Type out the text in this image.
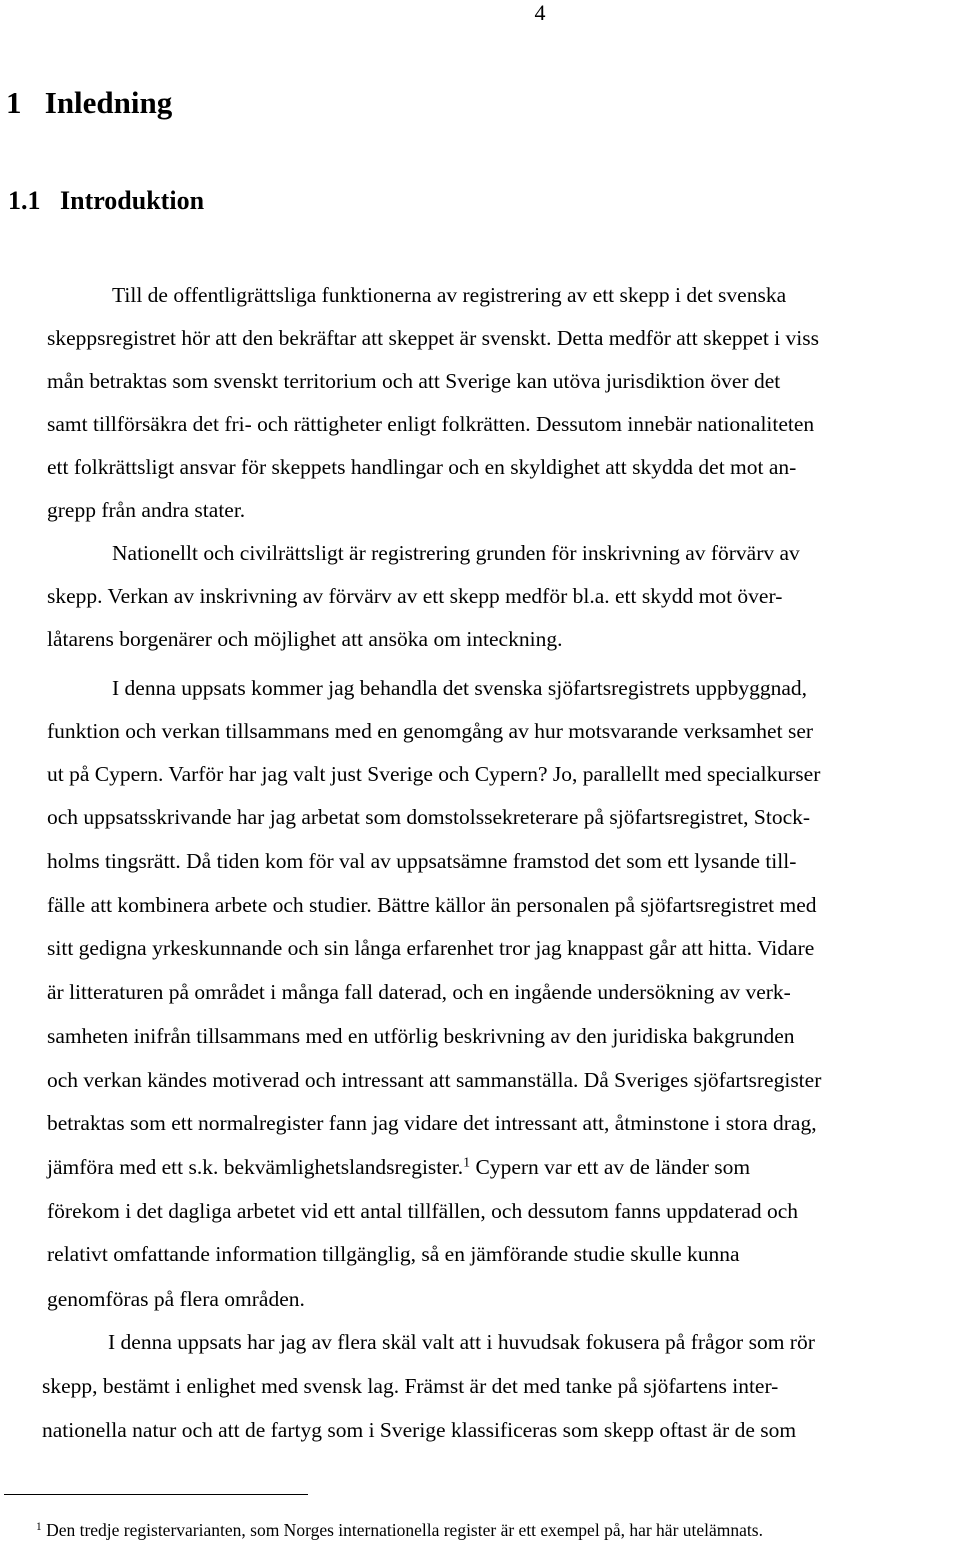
4
1   Inledning
1.1   Introduktion
Till de offentligrättsliga funktionerna av registrering av ett skepp i det svenska
skeppsregistret hör att den bekräftar att skeppet är svenskt. Detta medför att skeppet i viss
mån betraktas som svenskt territorium och att Sverige kan utöva jurisdiktion över det
samt tillförsäkra det fri- och rättigheter enligt folkrätten. Dessutom innebär nationaliteten
ett folkrättsligt ansvar för skeppets handlingar och en skyldighet att skydda det mot an-
grepp från andra stater.
Nationellt och civilrättsligt är registrering grunden för inskrivning av förvärv av
skepp. Verkan av inskrivning av förvärv av ett skepp medför bl.a. ett skydd mot över-
låtarens borgenärer och möjlighet att ansöka om inteckning.
I denna uppsats kommer jag behandla det svenska sjöfartsregistrets uppbyggnad,
funktion och verkan tillsammans med en genomgång av hur motsvarande verksamhet ser
ut på Cypern. Varför har jag valt just Sverige och Cypern? Jo, parallellt med specialkurser
och uppsatsskrivande har jag arbetat som domstolssekreterare på sjöfartsregistret, Stock-
holms tingsrätt. Då tiden kom för val av uppsatsämne framstod det som ett lysande till-
fälle att kombinera arbete och studier. Bättre källor än personalen på sjöfartsregistret med
sitt gedigna yrkeskunnande och sin långa erfarenhet tror jag knappast går att hitta. Vidare
är litteraturen på området i många fall daterad, och en ingående undersökning av verk-
samheten inifrån tillsammans med en utförlig beskrivning av den juridiska bakgrunden
och verkan kändes motiverad och intressant att sammanställa. Då Sveriges sjöfartsregister
betraktas som ett normalregister fann jag vidare det intressant att, åtminstone i stora drag,
jämföra med ett s.k. bekvämlighetslandsregister.$^1$ Cypern var ett av de länder som
förekom i det dagliga arbetet vid ett antal tillfällen, och dessutom fanns uppdaterad och
relativt omfattande information tillgänglig, så en jämförande studie skulle kunna
genomföras på flera områden.
I denna uppsats har jag av flera skäl valt att i huvudsak fokusera på frågor som rör
skepp, bestämt i enlighet med svensk lag. Främst är det med tanke på sjöfartens inter-
nationella natur och att de fartyg som i Sverige klassificeras som skepp oftast är de som
$^1$ Den tredje registervarianten, som Norges internationella register är ett exempel på, har här utelämnats.
